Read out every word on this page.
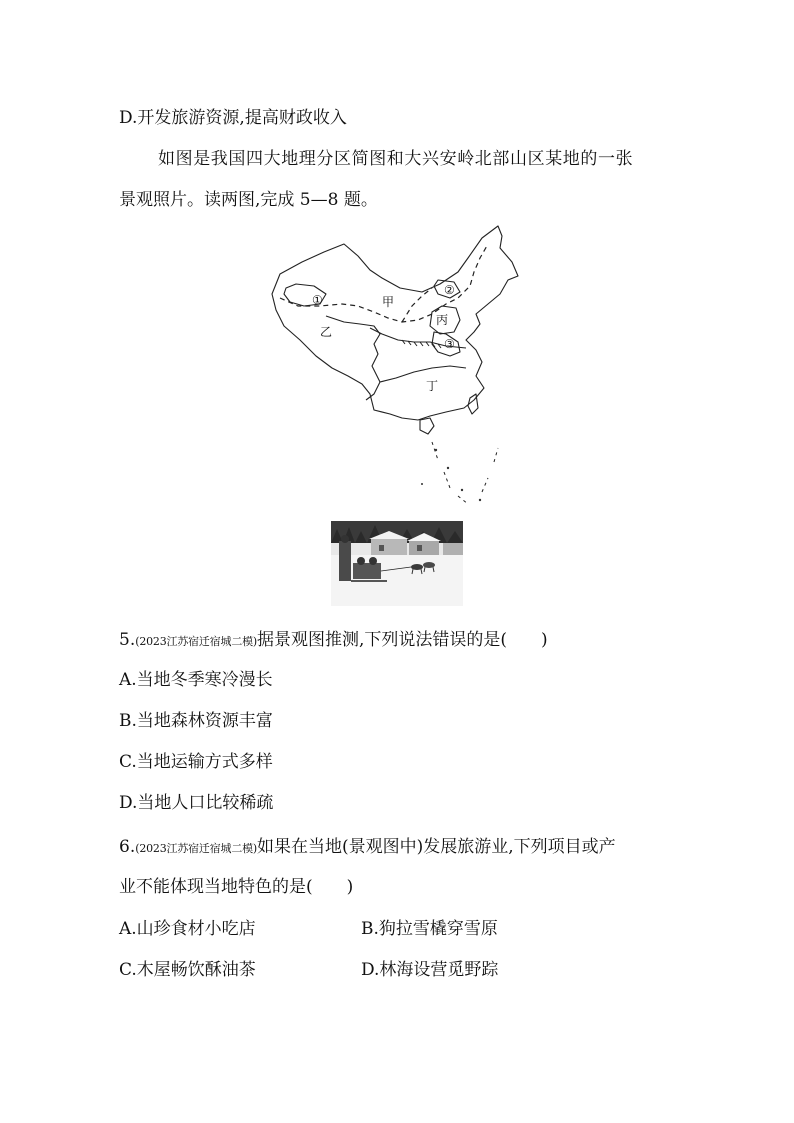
D.开发旅游资源,提高财政收入
如图是我国四大地理分区简图和大兴安岭北部山区某地的一张
景观照片。读两图,完成 5—8 题。
①
②
③
甲
乙
丙
丁
5.(2023江苏宿迁宿城二模)据景观图推测,下列说法错误的是(　　)
A.当地冬季寒冷漫长
B.当地森林资源丰富
C.当地运输方式多样
D.当地人口比较稀疏
6.(2023江苏宿迁宿城二模)如果在当地(景观图中)发展旅游业,下列项目或产
业不能体现当地特色的是(　　)
A.山珍食材小吃店	B.狗拉雪橇穿雪原
C.木屋畅饮酥油茶	D.林海设营觅野踪
